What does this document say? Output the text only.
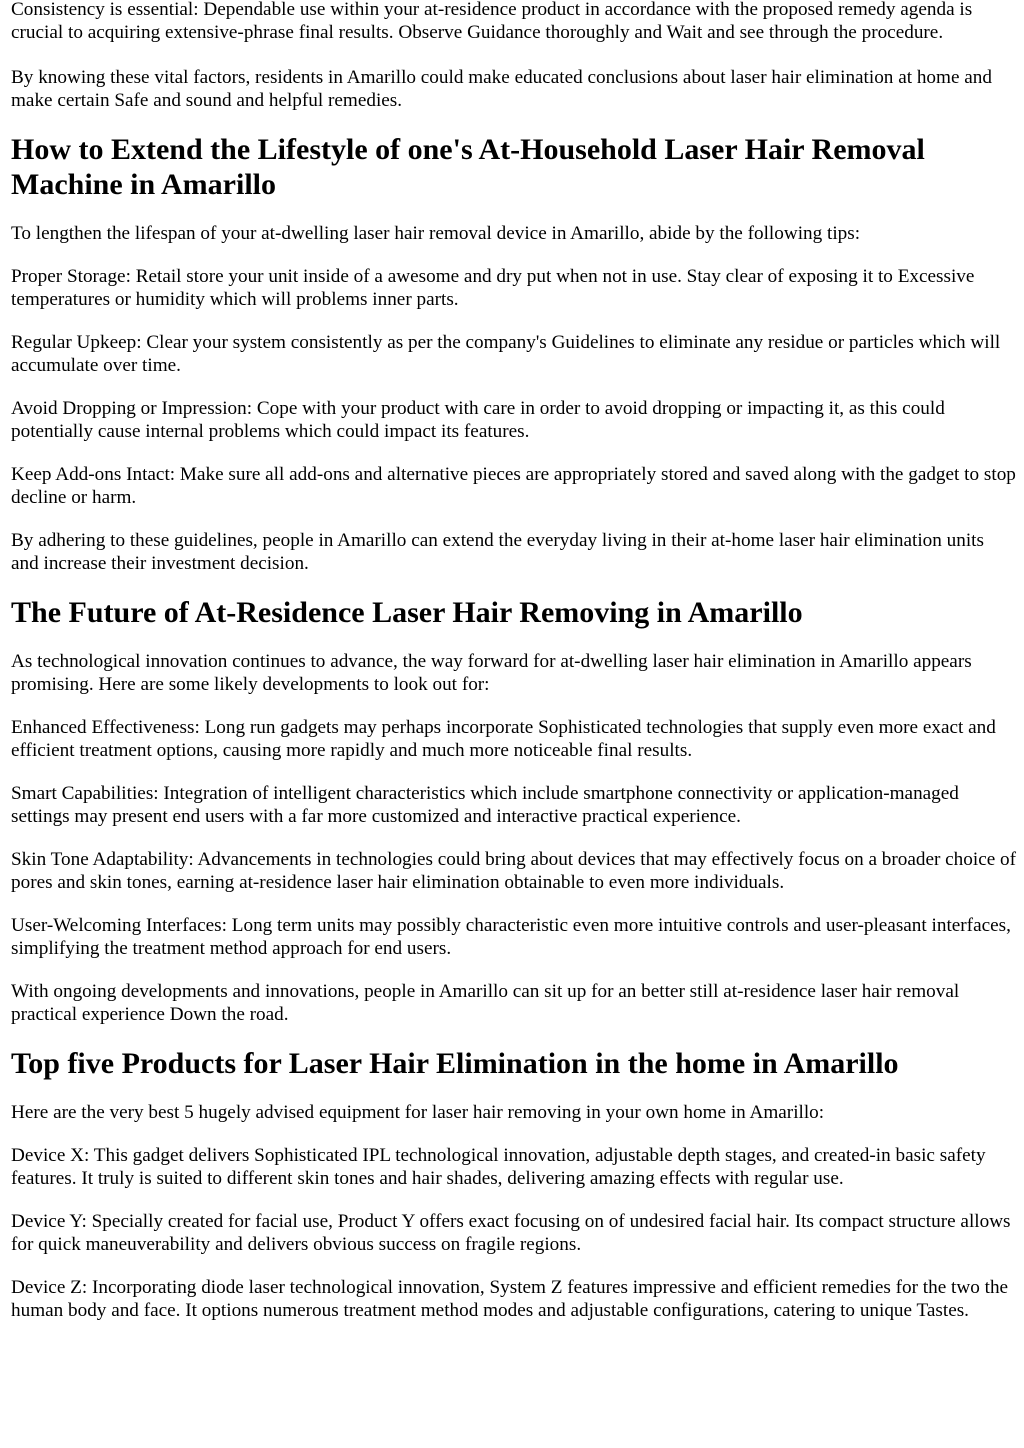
Consistency is essential: Dependable use within your at-residence product in accordance with the proposed remedy agenda is crucial to acquiring extensive-phrase final results. Observe Guidance thoroughly and Wait and see through the procedure.

By knowing these vital factors, residents in Amarillo could make educated conclusions about laser hair elimination at home and make certain Safe and sound and helpful remedies.

How to Extend the Lifestyle of one's At-Household Laser Hair Removal Machine in Amarillo

To lengthen the lifespan of your at-dwelling laser hair removal device in Amarillo, abide by the following tips:

Proper Storage: Retail store your unit inside of a awesome and dry put when not in use. Stay clear of exposing it to Excessive temperatures or humidity which will problems inner parts.

Regular Upkeep: Clear your system consistently as per the company's Guidelines to eliminate any residue or particles which will accumulate over time.

Avoid Dropping or Impression: Cope with your product with care in order to avoid dropping or impacting it, as this could potentially cause internal problems which could impact its features.

Keep Add-ons Intact: Make sure all add-ons and alternative pieces are appropriately stored and saved along with the gadget to stop decline or harm.

By adhering to these guidelines, people in Amarillo can extend the everyday living in their at-home laser hair elimination units and increase their investment decision.

The Future of At-Residence Laser Hair Removing in Amarillo

As technological innovation continues to advance, the way forward for at-dwelling laser hair elimination in Amarillo appears promising. Here are some likely developments to look out for:

Enhanced Effectiveness: Long run gadgets may perhaps incorporate Sophisticated technologies that supply even more exact and efficient treatment options, causing more rapidly and much more noticeable final results.

Smart Capabilities: Integration of intelligent characteristics which include smartphone connectivity or application-managed settings may present end users with a far more customized and interactive practical experience.

Skin Tone Adaptability: Advancements in technologies could bring about devices that may effectively focus on a broader choice of pores and skin tones, earning at-residence laser hair elimination obtainable to even more individuals.

User-Welcoming Interfaces: Long term units may possibly characteristic even more intuitive controls and user-pleasant interfaces, simplifying the treatment method approach for end users.

With ongoing developments and innovations, people in Amarillo can sit up for an better still at-residence laser hair removal practical experience Down the road.

Top five Products for Laser Hair Elimination in the home in Amarillo

Here are the very best 5 hugely advised equipment for laser hair removing in your own home in Amarillo:

Device X: This gadget delivers Sophisticated IPL technological innovation, adjustable depth stages, and created-in basic safety features. It truly is suited to different skin tones and hair shades, delivering amazing effects with regular use.

Device Y: Specially created for facial use, Product Y offers exact focusing on of undesired facial hair. Its compact structure allows for quick maneuverability and delivers obvious success on fragile regions.

Device Z: Incorporating diode laser technological innovation, System Z features impressive and efficient remedies for the two the human body and face. It options numerous treatment method modes and adjustable configurations, catering to unique Tastes.
